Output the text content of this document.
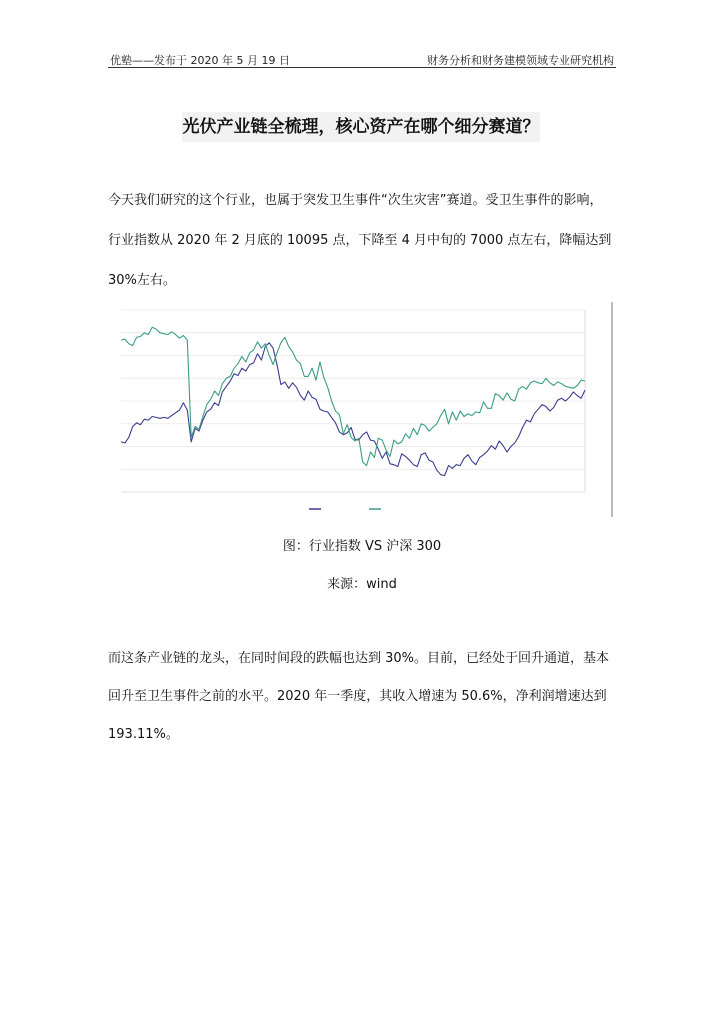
优塾——发布于 2020 年 5 月 19 日	财务分析和财务建模领域专业研究机构
光伏产业链全梳理，核心资产在哪个细分赛道？
今天我们研究的这个行业，也属于突发卫生事件“次生灾害”赛道。受卫生事件的影响，
行业指数从 2020 年 2 月底的 10095 点，下降至 4 月中旬的 7000 点左右，降幅达到
30%左右。
图：行业指数 VS 沪深 300
来源：wind
而这条产业链的龙头，在同时间段的跌幅也达到 30%。目前，已经处于回升通道，基本
回升至卫生事件之前的水平。2020 年一季度，其收入增速为 50.6%，净利润增速达到
193.11%。
